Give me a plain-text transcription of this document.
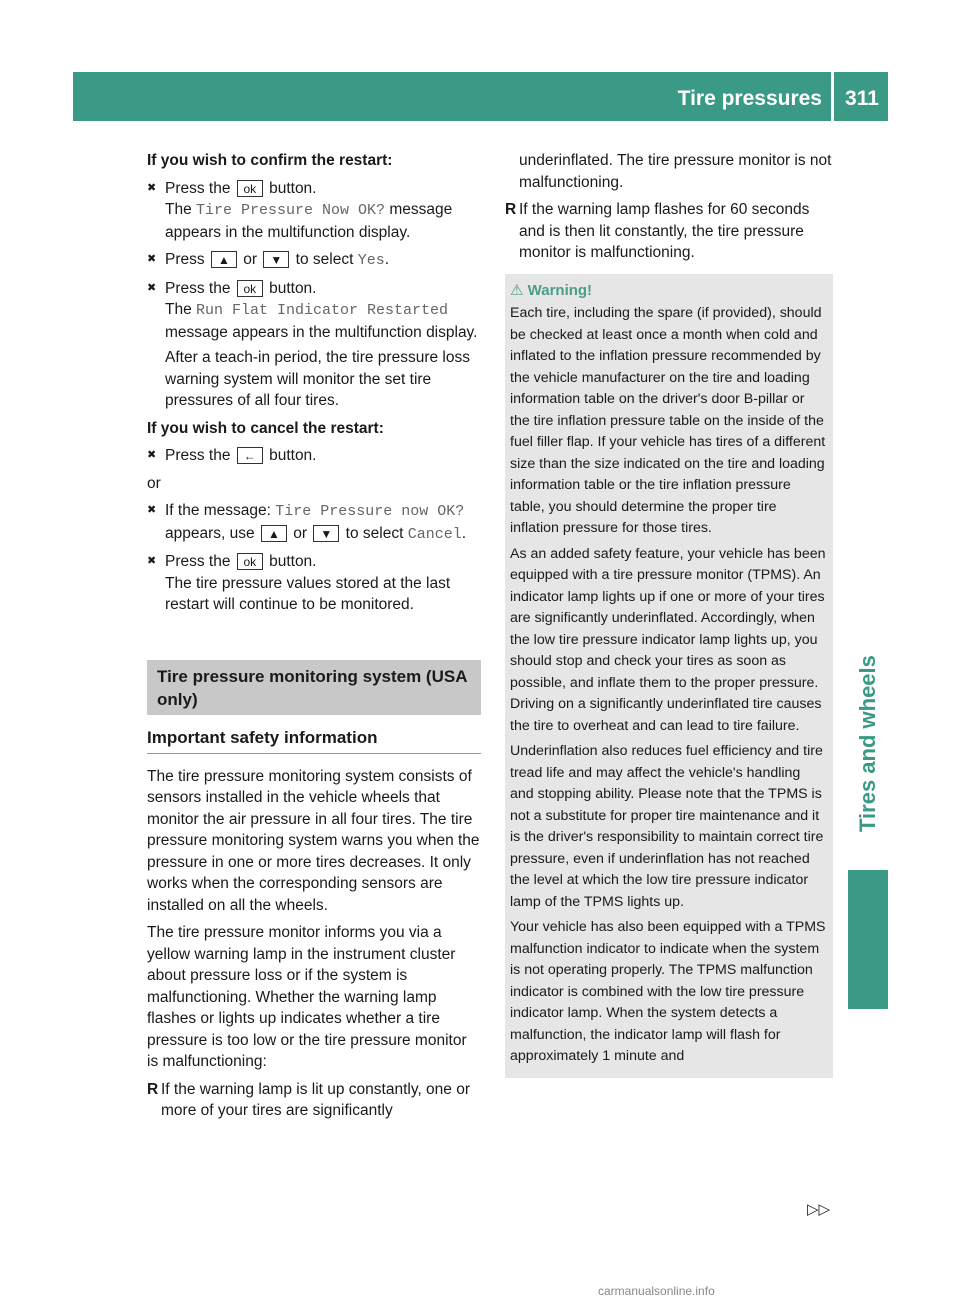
Tire pressures	311
Tires and wheels
If you wish to confirm the restart:
✖ Press the ok button.
The Tire Pressure Now OK? message appears in the multifunction display.
✖ Press ▲ or ▼ to select Yes.
✖ Press the ok button.
The Run Flat Indicator Restarted message appears in the multifunction display.
After a teach-in period, the tire pressure loss warning system will monitor the set tire pressures of all four tires.
If you wish to cancel the restart:
✖ Press the ← button.

or

✖ If the message: Tire Pressure now OK? appears, use ▲ or ▼ to select Cancel.
✖ Press the ok button.
The tire pressure values stored at the last restart will continue to be monitored.
Tire pressure monitoring system (USA only)
Important safety information

The tire pressure monitoring system consists of sensors installed in the vehicle wheels that monitor the air pressure in all four tires. The tire pressure monitoring system warns you when the pressure in one or more tires decreases. It only works when the corresponding sensors are installed on all the wheels.

The tire pressure monitor informs you via a yellow warning lamp in the instrument cluster about pressure loss or if the system is malfunctioning. Whether the warning lamp flashes or lights up indicates whether a tire pressure is too low or the tire pressure monitor is malfunctioning:

R If the warning lamp is lit up constantly, one or more of your tires are significantly
underinflated. The tire pressure monitor is not malfunctioning.
R If the warning lamp flashes for 60 seconds and is then lit constantly, the tire pressure monitor is malfunctioning.
⚠ Warning!

Each tire, including the spare (if provided), should be checked at least once a month when cold and inflated to the inflation pressure recommended by the vehicle manufacturer on the tire and loading information table on the driver's door B-pillar or the tire inflation pressure table on the inside of the fuel filler flap. If your vehicle has tires of a different size than the size indicated on the tire and loading information table or the tire inflation pressure table, you should determine the proper tire inflation pressure for those tires.

As an added safety feature, your vehicle has been equipped with a tire pressure monitor (TPMS). An indicator lamp lights up if one or more of your tires are significantly underinflated. Accordingly, when the low tire pressure indicator lamp lights up, you should stop and check your tires as soon as possible, and inflate them to the proper pressure. Driving on a significantly underinflated tire causes the tire to overheat and can lead to tire failure.

Underinflation also reduces fuel efficiency and tire tread life and may affect the vehicle's handling and stopping ability. Please note that the TPMS is not a substitute for proper tire maintenance and it is the driver's responsibility to maintain correct tire pressure, even if underinflation has not reached the level at which the low tire pressure indicator lamp of the TPMS lights up.

Your vehicle has also been equipped with a TPMS malfunction indicator to indicate when the system is not operating properly. The TPMS malfunction indicator is combined with the low tire pressure indicator lamp. When the system detects a malfunction, the indicator lamp will flash for approximately 1 minute and

▷▷
carmanualsonline.info
